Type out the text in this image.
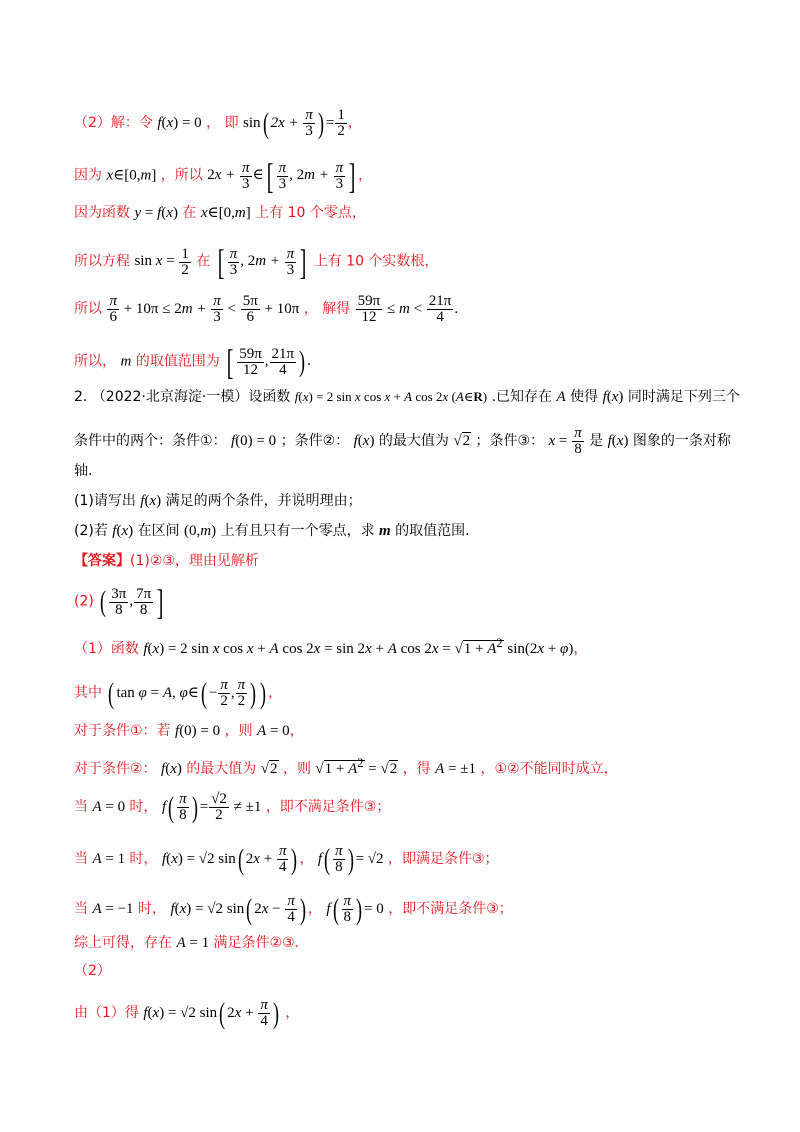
（2）解：令 f(x) = 0 ， 即 sin( $2x + \frac{\pi}{3}$ ) = $\frac{1}{2}$ ，
因为 x∈[0,m] ，所以 $2x + \frac{\pi}{3}$ ∈[ $\frac{\pi}{3}$ , $2m + \frac{\pi}{3}$ ] ，
因为函数 y = f(x) 在 x∈[0,m] 上有 10 个零点，
所以方程 $\sin x = \frac{1}{2}$ 在 [ $\frac{\pi}{3}$ , $2m + \frac{\pi}{3}$ ] 上有 10 个实数根，
所以 $\frac{\pi}{6} + 10\pi \le 2m + \frac{\pi}{3} < \frac{5\pi}{6} + 10\pi$ ， 解得 $\frac{59\pi}{12} \le m < \frac{21\pi}{4}$ .
所以， m 的取值范围为 [ $\frac{59\pi}{12}$ , $\frac{21\pi}{4}$ ) .
2. （2022·北京海淀·一模）设函数 f(x) = 2 sin x cos x + A cos 2x (A∈R) .已知存在 A 使得 f(x) 同时满足下列三个
条件中的两个：条件①： f(0) = 0 ；条件②： f(x) 的最大值为 √2 ；条件③： $x = \frac{\pi}{8}$ 是 f(x) 图象的一条对称
轴.
(1)请写出 f(x) 满足的两个条件，并说明理由；
(2)若 f(x) 在区间 (0,m) 上有且只有一个零点，求 m 的取值范围.
【答案】(1)②③，理由见解析
(2) ( $\frac{3\pi}{8}$ , $\frac{7\pi}{8}$ ]
（1）函数 f(x) = 2 sin x cos x + A cos 2x = sin 2x + A $\cos 2x = √1 + A^2$ sin(2x + φ)，
其中 ( tan φ = A, φ∈( − $\frac{\pi}{2}$ , $\frac{\pi}{2}$ ) ) ，
对于条件①：若 f(0) = 0 ，则 A = 0，
对于条件②： f(x) 的最大值为 √2 ，则 $√1 + A^2 = √2$ ，得 A = ±1 ，①②不能同时成立，
当 A = 0 时， $f( \frac{\pi}{8}$ ) = $\frac{√2}{2} \ne \pm 1$ ，即不满足条件③；
当 A = 1 时， f(x) = √2 sin( $2x + \frac{\pi}{4}$ ) ， $f( \frac{\pi}{8}$ ) = √2 ，即满足条件③；
当 A = −1 时， f(x) = √2 sin( $2x - \frac{\pi}{4}$ ) ， $f( \frac{\pi}{8}$ ) = 0 ，即不满足条件③；
综上可得，存在 A = 1 满足条件②③.
（2）
由（1）得 f(x) = √2 sin( $2x + \frac{\pi}{4}$ ) ，
